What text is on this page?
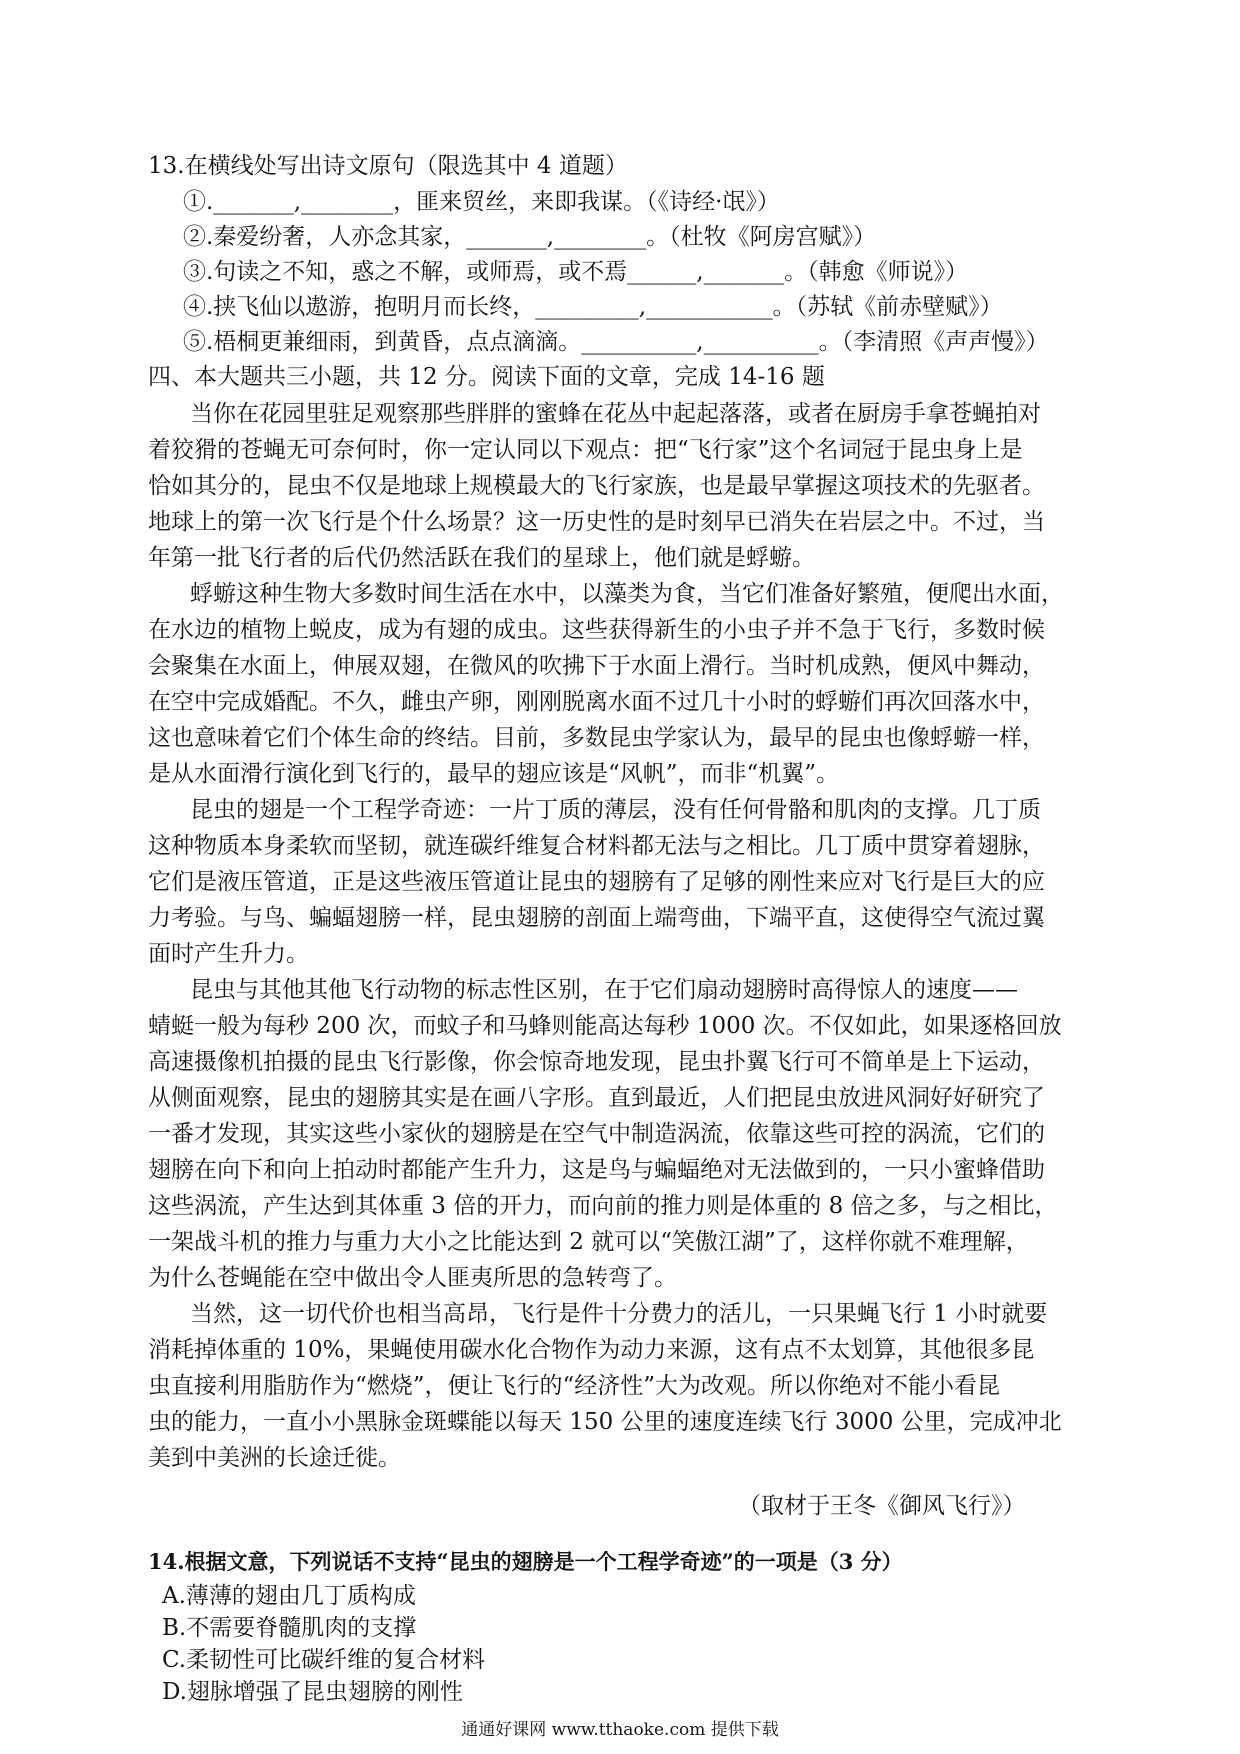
13.在横线处写出诗文原句（限选其中 4 道题）
①._______,________，匪来贸丝，来即我谋。（《诗经·氓》）
②.秦爱纷奢，人亦念其家，_______,________。（杜牧《阿房宫赋》）
③.句读之不知，惑之不解，或师焉，或不焉______,_______。（韩愈《师说》）
④.挟飞仙以遨游，抱明月而长终，_________,___________。（苏轼《前赤壁赋》）
⑤.梧桐更兼细雨，到黄昏，点点滴滴。__________,__________。（李清照《声声慢》）
四、本大题共三小题，共 12 分。阅读下面的文章，完成 14-16 题
当你在花园里驻足观察那些胖胖的蜜蜂在花丛中起起落落，或者在厨房手拿苍蝇拍对
着狡猾的苍蝇无可奈何时，你一定认同以下观点：把“飞行家”这个名词冠于昆虫身上是
恰如其分的，昆虫不仅是地球上规模最大的飞行家族，也是最早掌握这项技术的先驱者。
地球上的第一次飞行是个什么场景？这一历史性的是时刻早已消失在岩层之中。不过，当
年第一批飞行者的后代仍然活跃在我们的星球上，他们就是蜉蝣。
蜉蝣这种生物大多数时间生活在水中，以藻类为食，当它们准备好繁殖，便爬出水面，
在水边的植物上蜕皮，成为有翅的成虫。这些获得新生的小虫子并不急于飞行，多数时候
会聚集在水面上，伸展双翅，在微风的吹拂下于水面上滑行。当时机成熟，便风中舞动，
在空中完成婚配。不久，雌虫产卵，刚刚脱离水面不过几十小时的蜉蝣们再次回落水中，
这也意味着它们个体生命的终结。目前，多数昆虫学家认为，最早的昆虫也像蜉蝣一样，
是从水面滑行演化到飞行的，最早的翅应该是“风帆”，而非“机翼”。
昆虫的翅是一个工程学奇迹：一片丁质的薄层，没有任何骨骼和肌肉的支撑。几丁质
这种物质本身柔软而坚韧，就连碳纤维复合材料都无法与之相比。几丁质中贯穿着翅脉，
它们是液压管道，正是这些液压管道让昆虫的翅膀有了足够的刚性来应对飞行是巨大的应
力考验。与鸟、蝙蝠翅膀一样，昆虫翅膀的剖面上端弯曲，下端平直，这使得空气流过翼
面时产生升力。
昆虫与其他其他飞行动物的标志性区别，在于它们扇动翅膀时高得惊人的速度——
蜻蜓一般为每秒 200 次，而蚊子和马蜂则能高达每秒 1000 次。不仅如此，如果逐格回放
高速摄像机拍摄的昆虫飞行影像，你会惊奇地发现，昆虫扑翼飞行可不简单是上下运动，
从侧面观察，昆虫的翅膀其实是在画八字形。直到最近，人们把昆虫放进风洞好好研究了
一番才发现，其实这些小家伙的翅膀是在空气中制造涡流，依靠这些可控的涡流，它们的
翅膀在向下和向上拍动时都能产生升力，这是鸟与蝙蝠绝对无法做到的，一只小蜜蜂借助
这些涡流，产生达到其体重 3 倍的开力，而向前的推力则是体重的 8 倍之多，与之相比，
一架战斗机的推力与重力大小之比能达到 2 就可以“笑傲江湖”了，这样你就不难理解，
为什么苍蝇能在空中做出令人匪夷所思的急转弯了。
当然，这一切代价也相当高昂，飞行是件十分费力的活儿，一只果蝇飞行 1 小时就要
消耗掉体重的 10%，果蝇使用碳水化合物作为动力来源，这有点不太划算，其他很多昆
虫直接利用脂肪作为“燃烧”，便让飞行的“经济性”大为改观。所以你绝对不能小看昆
虫的能力，一直小小黑脉金斑蝶能以每天 150 公里的速度连续飞行 3000 公里，完成冲北
美到中美洲的长途迁徙。
（取材于王冬《御风飞行》）
14.根据文意，下列说话不支持“昆虫的翅膀是一个工程学奇迹”的一项是（3 分）
A.薄薄的翅由几丁质构成
B.不需要脊髓肌肉的支撑
C.柔韧性可比碳纤维的复合材料
D.翅脉增强了昆虫翅膀的刚性
通通好课网 www.tthaoke.com 提供下载
